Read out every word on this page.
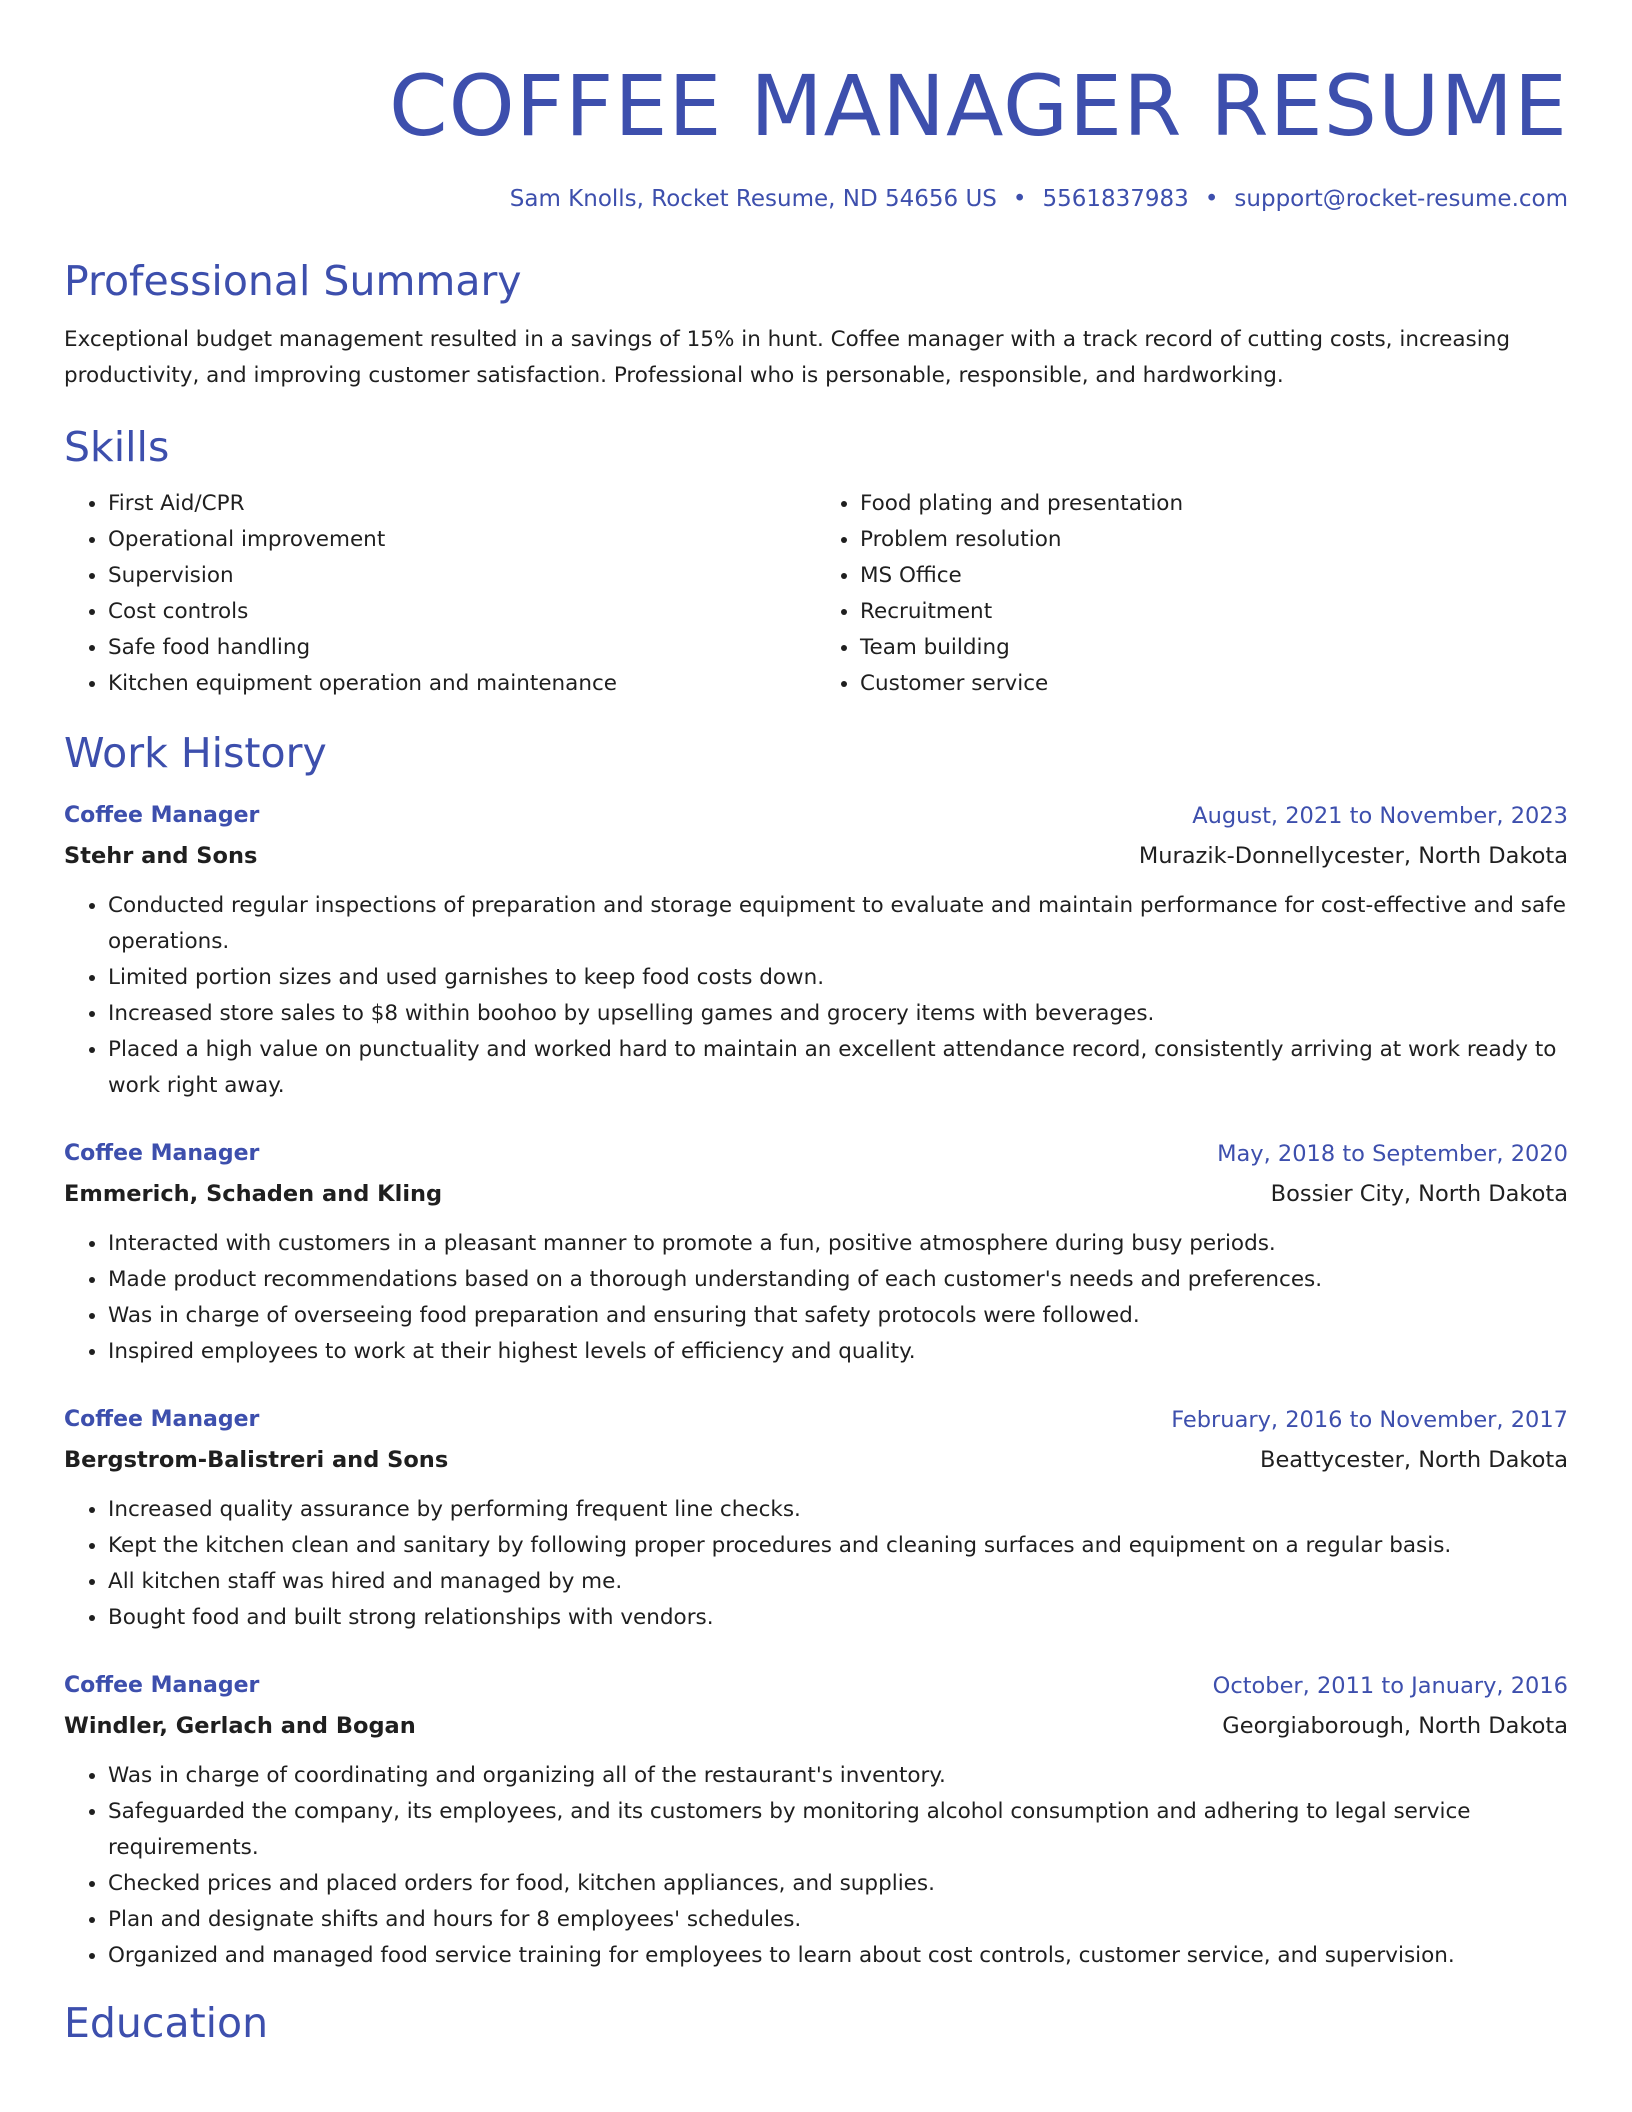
COFFEE MANAGER RESUME
Sam Knolls, Rocket Resume, ND 54656 US • 5561837983 • support@rocket-resume.com
Professional Summary
Exceptional budget management resulted in a savings of 15% in hunt. Coffee manager with a track record of cutting costs, increasing productivity, and improving customer satisfaction. Professional who is personable, responsible, and hardworking.
Skills
• First Aid/CPR
• Operational improvement
• Supervision
• Cost controls
• Safe food handling
• Kitchen equipment operation and maintenance
• Food plating and presentation
• Problem resolution
• MS Office
• Recruitment
• Team building
• Customer service
Work History
Coffee Manager	August, 2021 to November, 2023
Stehr and Sons	Murazik-Donnellycester, North Dakota
• Conducted regular inspections of preparation and storage equipment to evaluate and maintain performance for cost-effective and safe operations.
• Limited portion sizes and used garnishes to keep food costs down.
• Increased store sales to $8 within boohoo by upselling games and grocery items with beverages.
• Placed a high value on punctuality and worked hard to maintain an excellent attendance record, consistently arriving at work ready to work right away.
Coffee Manager	May, 2018 to September, 2020
Emmerich, Schaden and Kling	Bossier City, North Dakota
• Interacted with customers in a pleasant manner to promote a fun, positive atmosphere during busy periods.
• Made product recommendations based on a thorough understanding of each customer's needs and preferences.
• Was in charge of overseeing food preparation and ensuring that safety protocols were followed.
• Inspired employees to work at their highest levels of efficiency and quality.
Coffee Manager	February, 2016 to November, 2017
Bergstrom-Balistreri and Sons	Beattycester, North Dakota
• Increased quality assurance by performing frequent line checks.
• Kept the kitchen clean and sanitary by following proper procedures and cleaning surfaces and equipment on a regular basis.
• All kitchen staff was hired and managed by me.
• Bought food and built strong relationships with vendors.
Coffee Manager	October, 2011 to January, 2016
Windler, Gerlach and Bogan	Georgiaborough, North Dakota
• Was in charge of coordinating and organizing all of the restaurant's inventory.
• Safeguarded the company, its employees, and its customers by monitoring alcohol consumption and adhering to legal service requirements.
• Checked prices and placed orders for food, kitchen appliances, and supplies.
• Plan and designate shifts and hours for 8 employees' schedules.
• Organized and managed food service training for employees to learn about cost controls, customer service, and supervision.
Education
